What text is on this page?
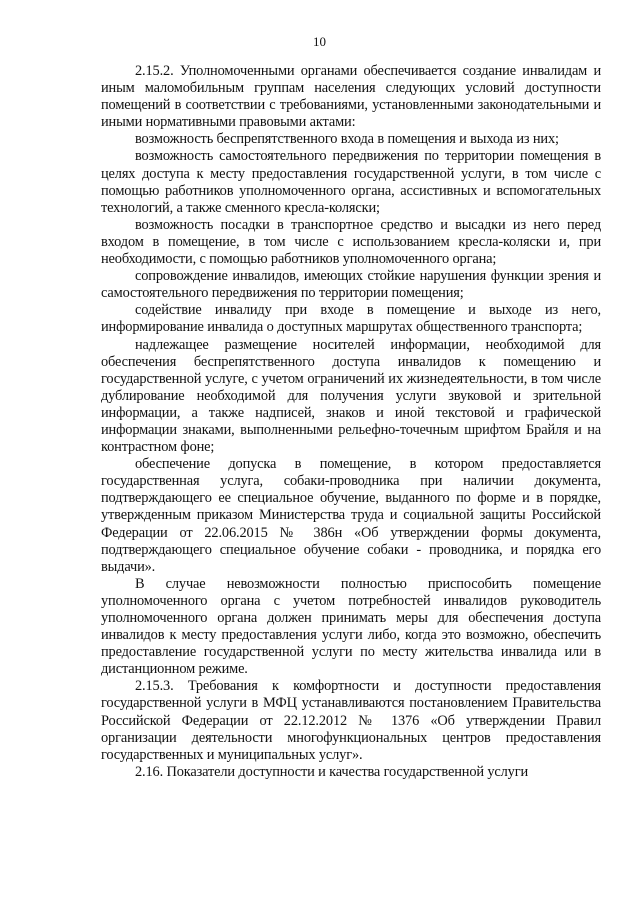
10

2.15.2. Уполномоченными органами обеспечивается создание инвалидам и иным маломобильным группам населения следующих условий доступности помещений в соответствии с требованиями, установленными законодательными и иными нормативными правовыми актами:

возможность беспрепятственного входа в помещения и выхода из них;

возможность самостоятельного передвижения по территории помещения в целях доступа к месту предоставления государственной услуги, в том числе с помощью работников уполномоченного органа, ассистивных и вспомогательных технологий, а также сменного кресла-коляски;

возможность посадки в транспортное средство и высадки из него перед входом в помещение, в том числе с использованием кресла-коляски и, при необходимости, с помощью работников уполномоченного органа;

сопровождение инвалидов, имеющих стойкие нарушения функции зрения и самостоятельного передвижения по территории помещения;

содействие инвалиду при входе в помещение и выходе из него, информирование инвалида о доступных маршрутах общественного транспорта;

надлежащее размещение носителей информации, необходимой для обеспечения беспрепятственного доступа инвалидов к помещению и государственной услуге, с учетом ограничений их жизнедеятельности, в том числе дублирование необходимой для получения услуги звуковой и зрительной информации, а также надписей, знаков и иной текстовой и графической информации знаками, выполненными рельефно-точечным шрифтом Брайля и на контрастном фоне;

обеспечение допуска в помещение, в котором предоставляется государственная услуга, собаки-проводника при наличии документа, подтверждающего ее специальное обучение, выданного по форме и в порядке, утвержденным приказом Министерства труда и социальной защиты Российской Федерации от 22.06.2015 № 386н «Об утверждении формы документа, подтверждающего специальное обучение собаки - проводника, и порядка его выдачи».

В случае невозможности полностью приспособить помещение уполномоченного органа с учетом потребностей инвалидов руководитель уполномоченного органа должен принимать меры для обеспечения доступа инвалидов к месту предоставления услуги либо, когда это возможно, обеспечить предоставление государственной услуги по месту жительства инвалида или в дистанционном режиме.

2.15.3. Требования к комфортности и доступности предоставления государственной услуги в МФЦ устанавливаются постановлением Правительства Российской Федерации от 22.12.2012 № 1376 «Об утверждении Правил организации деятельности многофункциональных центров предоставления государственных и муниципальных услуг».

2.16. Показатели доступности и качества государственной услуги
